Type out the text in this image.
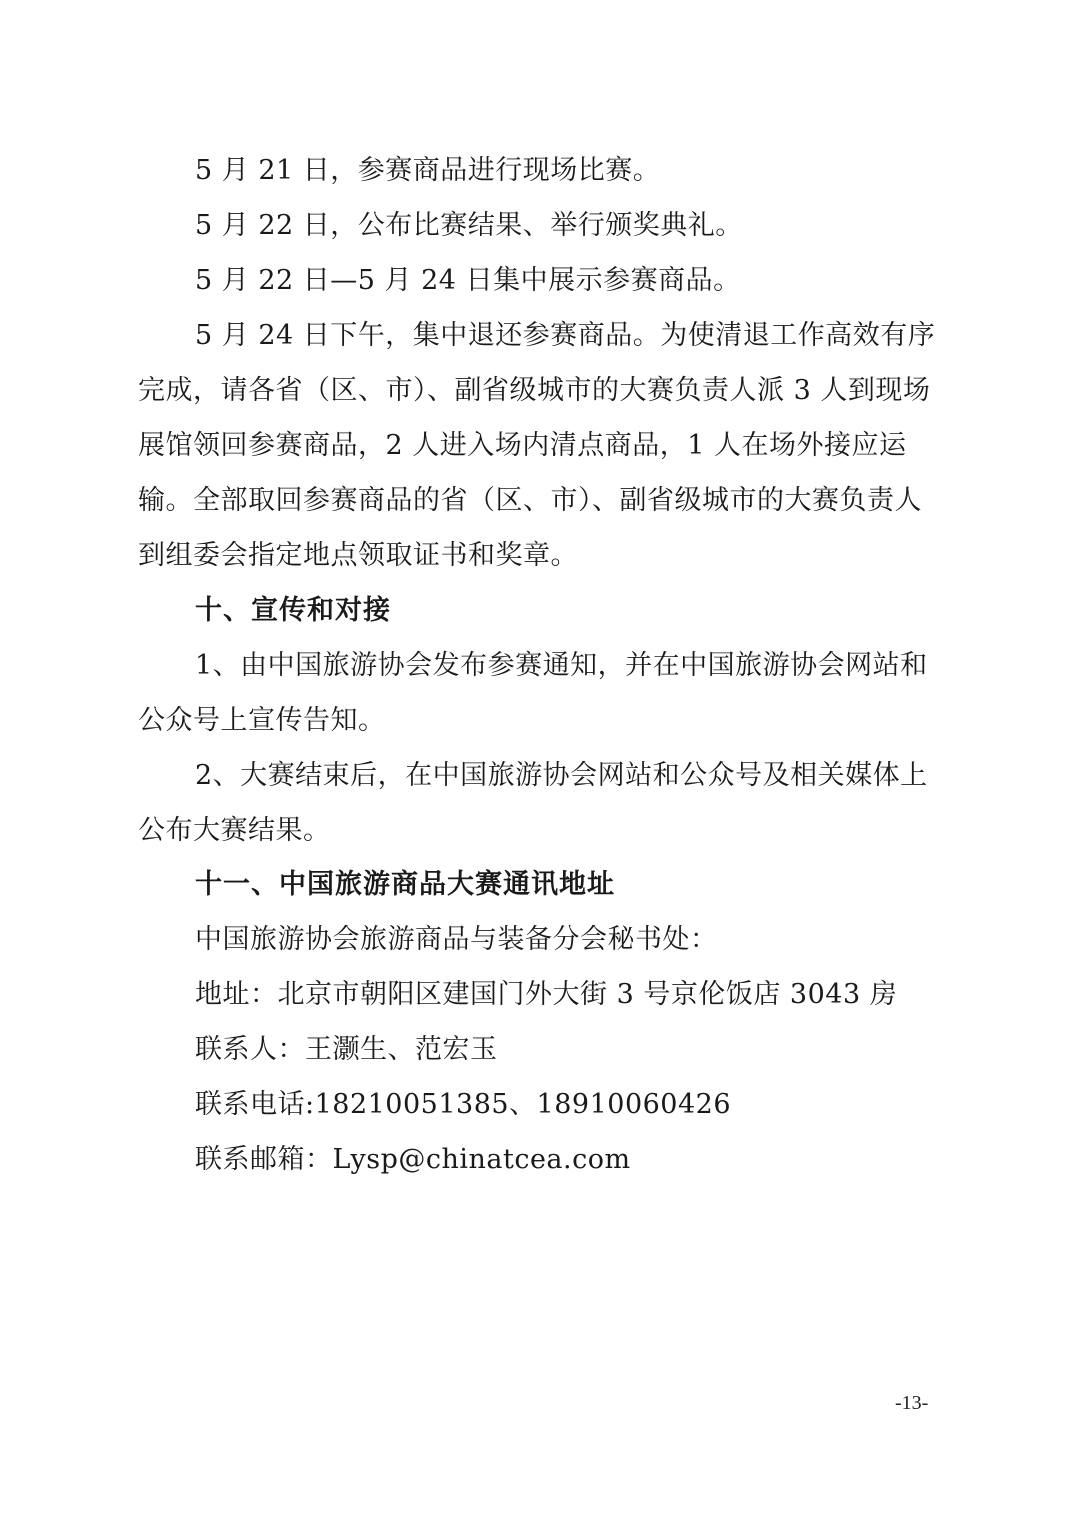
5 月 21 日，参赛商品进行现场比赛。
5 月 22 日，公布比赛结果、举行颁奖典礼。
5 月 22 日—5 月 24 日集中展示参赛商品。
5 月 24 日下午，集中退还参赛商品。为使清退工作高效有序
完成，请各省（区、市）、副省级城市的大赛负责人派 3 人到现场
展馆领回参赛商品，2 人进入场内清点商品，1 人在场外接应运
输。全部取回参赛商品的省（区、市）、副省级城市的大赛负责人
到组委会指定地点领取证书和奖章。
十、宣传和对接
1、由中国旅游协会发布参赛通知，并在中国旅游协会网站和
公众号上宣传告知。
2、大赛结束后，在中国旅游协会网站和公众号及相关媒体上
公布大赛结果。
十一、中国旅游商品大赛通讯地址
中国旅游协会旅游商品与装备分会秘书处：
地址：北京市朝阳区建国门外大街 3 号京伦饭店 3043 房
联系人：王灏生、范宏玉
联系电话:18210051385、18910060426
联系邮箱：Lysp@chinatcea.com
-13-
